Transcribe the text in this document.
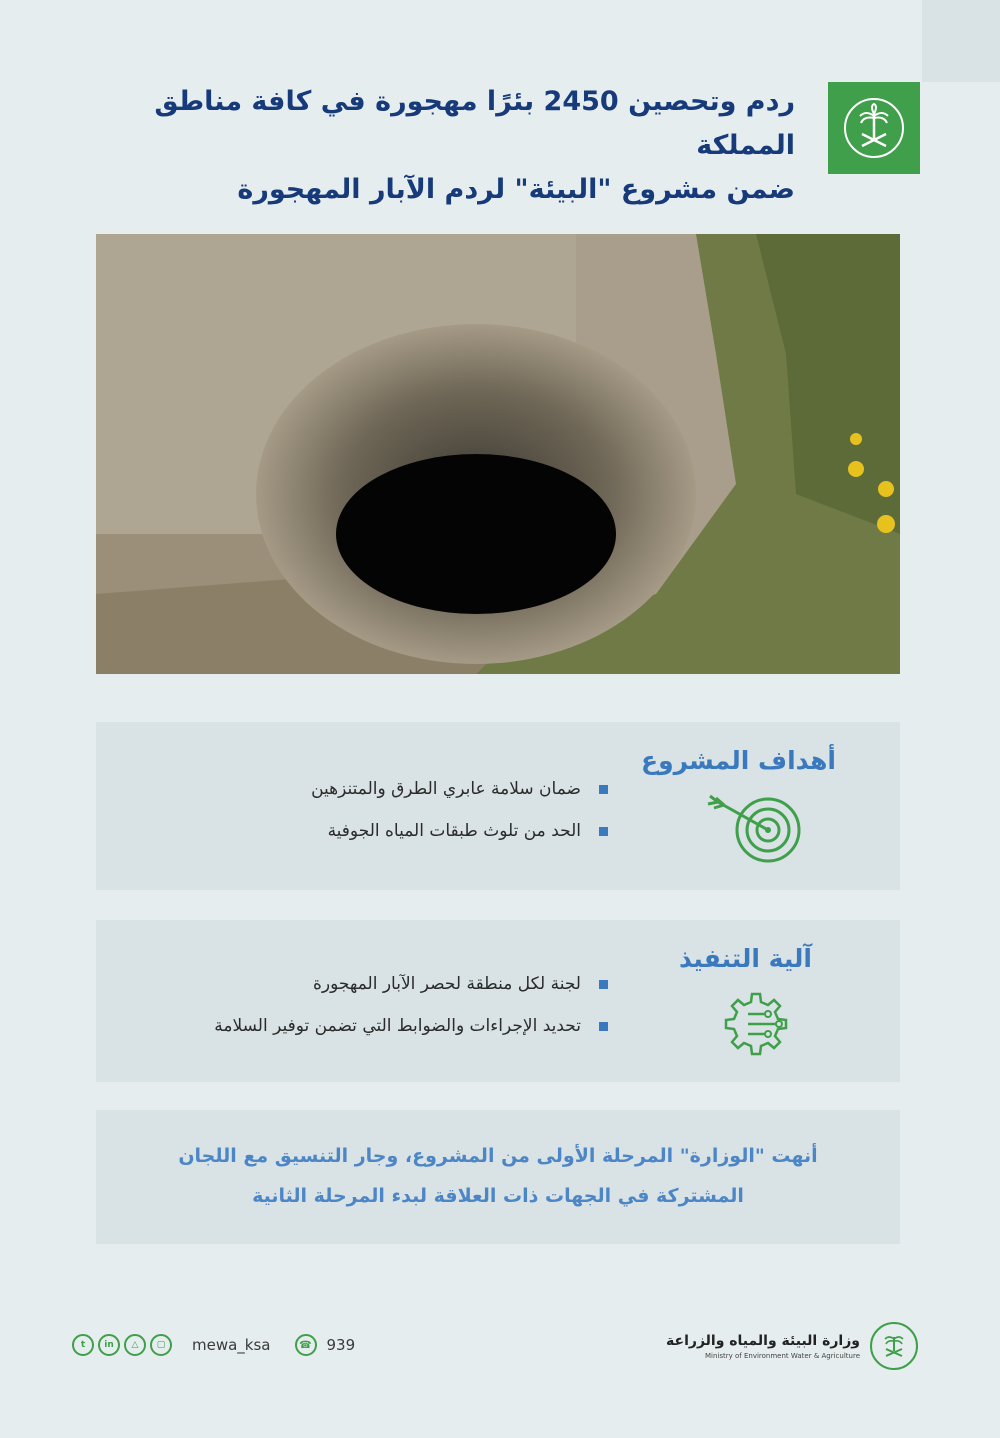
ردم وتحصين 2450 بئرًا مهجورة في كافة مناطق المملكة
ضمن مشروع "البيئة" لردم الآبار المهجورة
أهداف المشروع
ضمان سلامة عابري الطرق والمتنزهين
الحد من تلوث طبقات المياه الجوفية
آلية التنفيذ
لجنة لكل منطقة لحصر الآبار المهجورة
تحديد الإجراءات والضوابط التي تضمن توفير السلامة
أنهت "الوزارة" المرحلة الأولى من المشروع، وجار التنسيق مع اللجان
المشتركة في الجهات ذات العلاقة لبدء المرحلة الثانية
t	in	△	▢	mewa_ksa	☎ 939	وزارة البيئة والمياه والزراعة
Ministry of Environment Water & Agriculture
